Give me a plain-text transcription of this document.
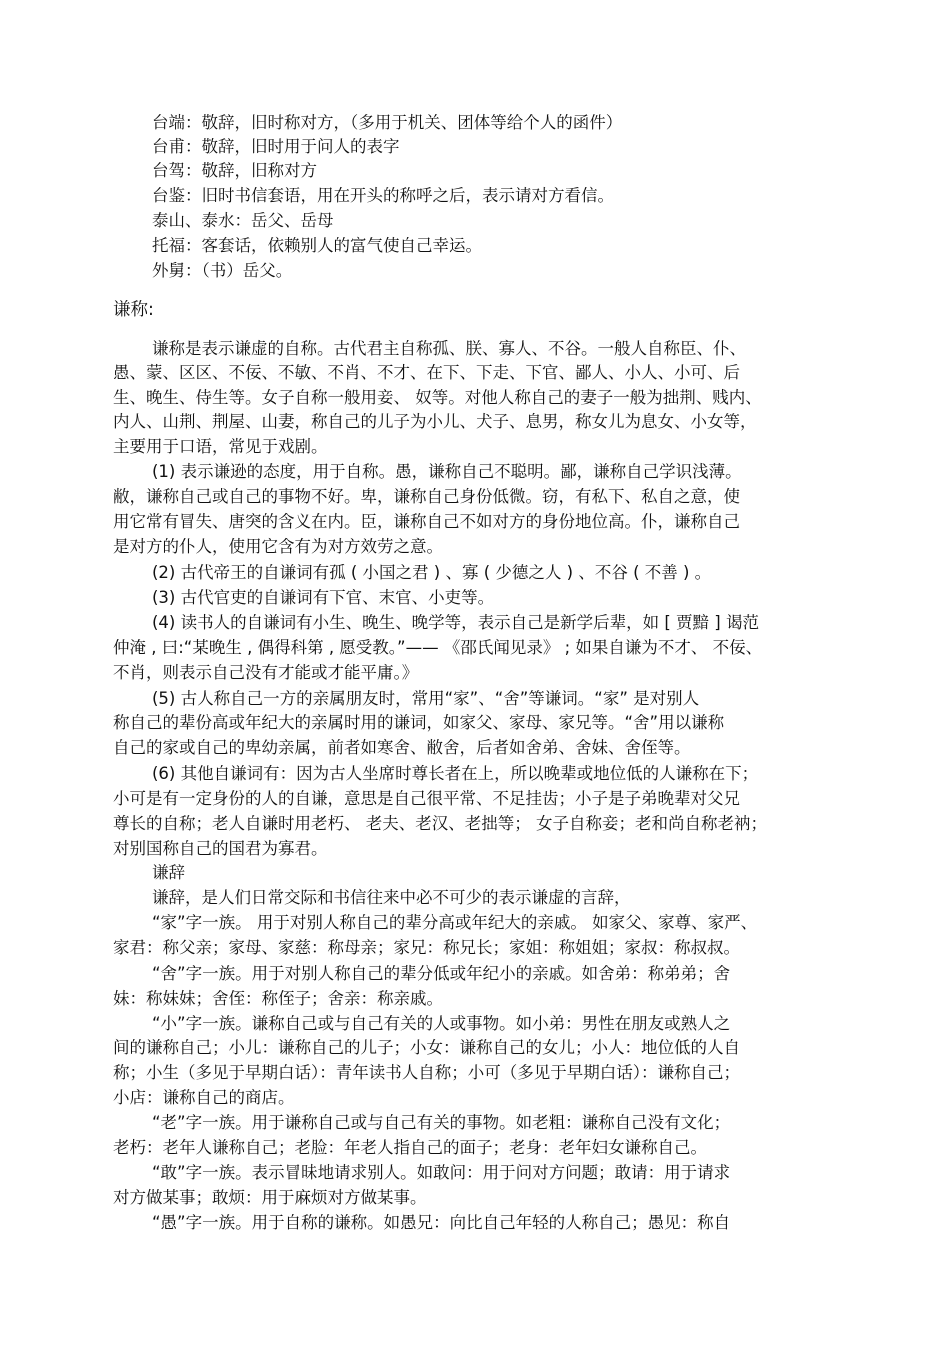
台端：敬辞，旧时称对方，（多用于机关、团体等给个人的函件）
台甫：敬辞，旧时用于问人的表字
台驾：敬辞，旧称对方
台鉴：旧时书信套语，用在开头的称呼之后，表示请对方看信。
泰山、泰水：岳父、岳母
托福：客套话，依赖别人的富气使自己幸运。
外舅：（书）岳父。
谦称:
谦称是表示谦虚的自称。古代君主自称孤、朕、寡人、不谷。一般人自称臣、仆、
愚、蒙、区区、不佞、不敏、不肖、不才、在下、下走、下官、鄙人、小人、小可、后
生、晚生、侍生等。女子自称一般用妾、 奴等。对他人称自己的妻子一般为拙荆、贱内、
内人、山荆、荆屋、山妻，称自己的儿子为小儿、犬子、息男，称女儿为息女、小女等，
主要用于口语，常见于戏剧。
(1) 表示谦逊的态度，用于自称。愚，谦称自己不聪明。鄙，谦称自己学识浅薄。
敝，谦称自己或自己的事物不好。卑，谦称自己身份低微。窃，有私下、私自之意，使
用它常有冒失、唐突的含义在内。臣，谦称自己不如对方的身份地位高。仆，谦称自己
是对方的仆人，使用它含有为对方效劳之意。
(2) 古代帝王的自谦词有孤 ( 小国之君 ) 、寡 ( 少德之人 ) 、不谷 ( 不善 ) 。
(3) 古代官吏的自谦词有下官、末官、小吏等。
(4) 读书人的自谦词有小生、晚生、晚学等，表示自己是新学后辈，如 [ 贾黯 ] 谒范
仲淹 , 曰:“某晚生 , 偶得科第 , 愿受教。”—— 《邵氏闻见录》 ; 如果自谦为不才、 不佞、
不肖，则表示自己没有才能或才能平庸。》
(5) 古人称自己一方的亲属朋友时，常用“家”、“舍”等谦词。“家” 是对别人
称自己的辈份高或年纪大的亲属时用的谦词，如家父、家母、家兄等。“舍”用以谦称
自己的家或自己的卑幼亲属，前者如寒舍、敝舍，后者如舍弟、舍妹、舍侄等。
(6) 其他自谦词有：因为古人坐席时尊长者在上，所以晚辈或地位低的人谦称在下；
小可是有一定身份的人的自谦，意思是自己很平常、不足挂齿；小子是子弟晚辈对父兄
尊长的自称；老人自谦时用老朽、 老夫、老汉、老拙等； 女子自称妾；老和尚自称老衲；
对别国称自己的国君为寡君。
谦辞
谦辞，是人们日常交际和书信往来中必不可少的表示谦虚的言辞，
“家”字一族。 用于对别人称自己的辈分高或年纪大的亲戚。 如家父、家尊、家严、
家君：称父亲；家母、家慈：称母亲；家兄：称兄长；家姐：称姐姐；家叔：称叔叔。
“舍”字一族。用于对别人称自己的辈分低或年纪小的亲戚。如舍弟：称弟弟；舍
妹：称妹妹；舍侄：称侄子；舍亲：称亲戚。
“小”字一族。谦称自己或与自己有关的人或事物。如小弟：男性在朋友或熟人之
间的谦称自己；小儿：谦称自己的儿子；小女：谦称自己的女儿；小人：地位低的人自
称；小生（多见于早期白话）：青年读书人自称；小可（多见于早期白话）：谦称自己；
小店：谦称自己的商店。
“老”字一族。用于谦称自己或与自己有关的事物。如老粗：谦称自己没有文化；
老朽：老年人谦称自己；老脸：年老人指自己的面子；老身：老年妇女谦称自己。
“敢”字一族。表示冒昧地请求别人。如敢问：用于问对方问题；敢请：用于请求
对方做某事；敢烦：用于麻烦对方做某事。
“愚”字一族。用于自称的谦称。如愚兄：向比自己年轻的人称自己；愚见：称自
